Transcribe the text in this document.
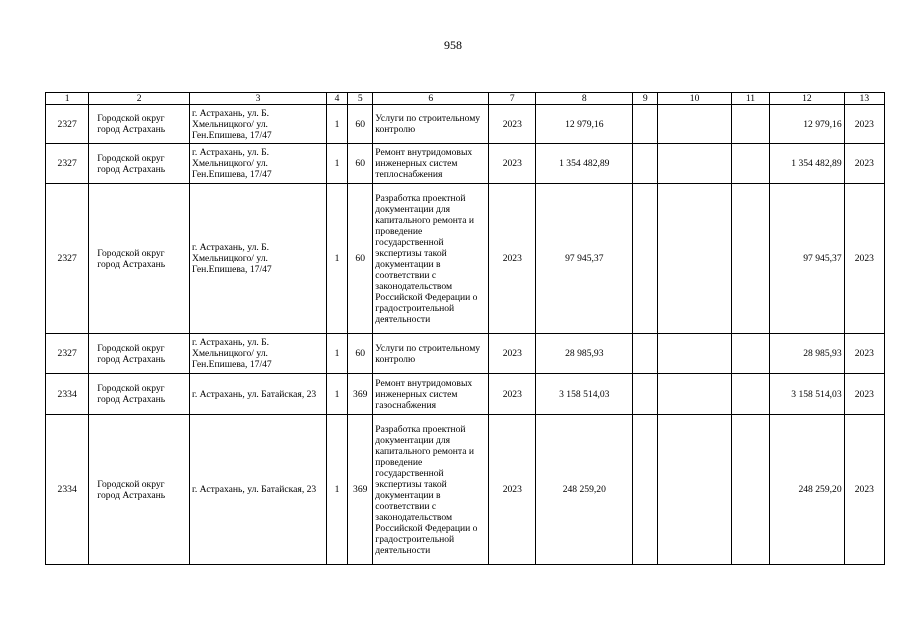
958
1	2	3	4	5	6	7	8	9	10	11	12	13
2327	Городской округ город Астрахань	г. Астрахань, ул. Б. Хмельницкого/ ул. Ген.Епишева, 17/47	1	60	Услуги по строительному контролю	2023	12 979,16				12 979,16	2023
2327	Городской округ город Астрахань	г. Астрахань, ул. Б. Хмельницкого/ ул. Ген.Епишева, 17/47	1	60	Ремонт внутридомовых инженерных систем теплоснабжения	2023	1 354 482,89				1 354 482,89	2023
2327	Городской округ город Астрахань	г. Астрахань, ул. Б. Хмельницкого/ ул. Ген.Епишева, 17/47	1	60	Разработка проектной документации для капитального ремонта и проведение государственной экспертизы такой документации в соответствии с законодательством Российской Федерации о градостроительной деятельности	2023	97 945,37				97 945,37	2023
2327	Городской округ город Астрахань	г. Астрахань, ул. Б. Хмельницкого/ ул. Ген.Епишева, 17/47	1	60	Услуги по строительному контролю	2023	28 985,93				28 985,93	2023
2334	Городской округ город Астрахань	г. Астрахань, ул. Батайская, 23	1	369	Ремонт внутридомовых инженерных систем газоснабжения	2023	3 158 514,03				3 158 514,03	2023
2334	Городской округ город Астрахань	г. Астрахань, ул. Батайская, 23	1	369	Разработка проектной документации для капитального ремонта и проведение государственной экспертизы такой документации в соответствии с законодательством Российской Федерации о градостроительной деятельности	2023	248 259,20				248 259,20	2023
